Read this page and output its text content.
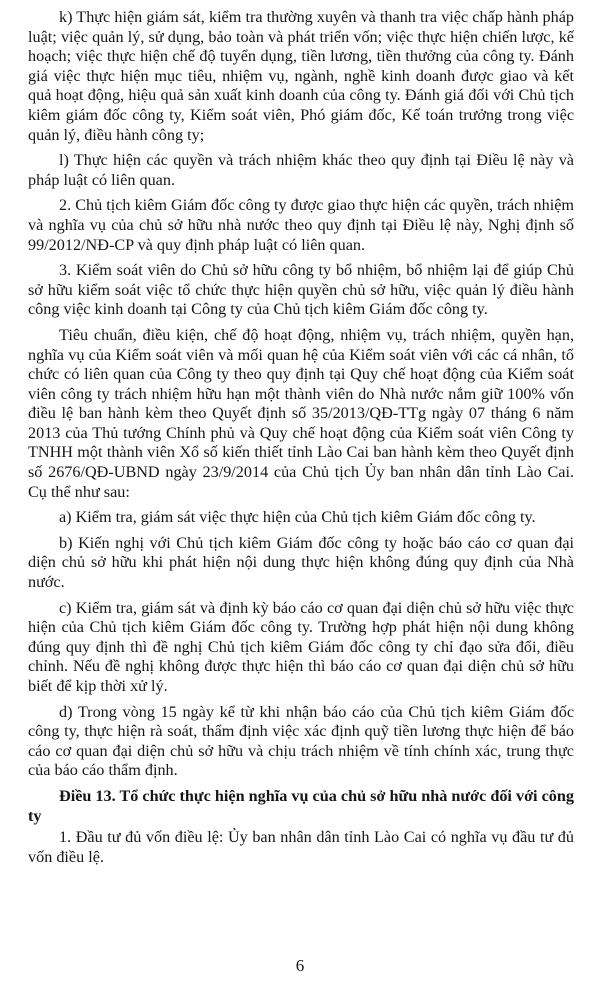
k) Thực hiện giám sát, kiểm tra thường xuyên và thanh tra việc chấp hành pháp luật; việc quản lý, sử dụng, bảo toàn và phát triển vốn; việc thực hiện chiến lược, kế hoạch; việc thực hiện chế độ tuyển dụng, tiền lương, tiền thưởng của công ty. Đánh giá việc thực hiện mục tiêu, nhiệm vụ, ngành, nghề kinh doanh được giao và kết quả hoạt động, hiệu quả sản xuất kinh doanh của công ty. Đánh giá đối với Chủ tịch kiêm giám đốc công ty, Kiểm soát viên, Phó giám đốc, Kế toán trưởng trong việc quản lý, điều hành công ty;

l) Thực hiện các quyền và trách nhiệm khác theo quy định tại Điều lệ này và pháp luật có liên quan.

2. Chủ tịch kiêm Giám đốc công ty được giao thực hiện các quyền, trách nhiệm và nghĩa vụ của chủ sở hữu nhà nước theo quy định tại Điều lệ này, Nghị định số 99/2012/NĐ-CP và quy định pháp luật có liên quan.

3. Kiểm soát viên do Chủ sở hữu công ty bổ nhiệm, bổ nhiệm lại để giúp Chủ sở hữu kiểm soát việc tổ chức thực hiện quyền chủ sở hữu, việc quản lý điều hành công việc kinh doanh tại Công ty của Chủ tịch kiêm Giám đốc công ty.

Tiêu chuẩn, điều kiện, chế độ hoạt động, nhiệm vụ, trách nhiệm, quyền hạn, nghĩa vụ của Kiểm soát viên và mối quan hệ của Kiểm soát viên với các cá nhân, tổ chức có liên quan của Công ty theo quy định tại Quy chế hoạt động của Kiểm soát viên công ty trách nhiệm hữu hạn một thành viên do Nhà nước nắm giữ 100% vốn điều lệ ban hành kèm theo Quyết định số 35/2013/QĐ-TTg ngày 07 tháng 6 năm 2013 của Thủ tướng Chính phủ và Quy chế hoạt động của Kiểm soát viên Công ty TNHH một thành viên Xổ số kiến thiết tỉnh Lào Cai ban hành kèm theo Quyết định số 2676/QĐ-UBND ngày 23/9/2014 của Chủ tịch Ủy ban nhân dân tỉnh Lào Cai. Cụ thể như sau:

a) Kiểm tra, giám sát việc thực hiện của Chủ tịch kiêm Giám đốc công ty.

b) Kiến nghị với Chủ tịch kiêm Giám đốc công ty hoặc báo cáo cơ quan đại diện chủ sở hữu khi phát hiện nội dung thực hiện không đúng quy định của Nhà nước.

c) Kiểm tra, giám sát và định kỳ báo cáo cơ quan đại diện chủ sở hữu việc thực hiện của Chủ tịch kiêm Giám đốc công ty. Trường hợp phát hiện nội dung không đúng quy định thì đề nghị Chủ tịch kiêm Giám đốc công ty chỉ đạo sửa đổi, điều chỉnh. Nếu đề nghị không được thực hiện thì báo cáo cơ quan đại diện chủ sở hữu biết để kịp thời xử lý.

d) Trong vòng 15 ngày kể từ khi nhận báo cáo của Chủ tịch kiêm Giám đốc công ty, thực hiện rà soát, thẩm định việc xác định quỹ tiền lương thực hiện để báo cáo cơ quan đại diện chủ sở hữu và chịu trách nhiệm về tính chính xác, trung thực của báo cáo thẩm định.

Điều 13. Tổ chức thực hiện nghĩa vụ của chủ sở hữu nhà nước đối với công ty

1. Đầu tư đủ vốn điều lệ: Ủy ban nhân dân tỉnh Lào Cai có nghĩa vụ đầu tư đủ vốn điều lệ.

6
